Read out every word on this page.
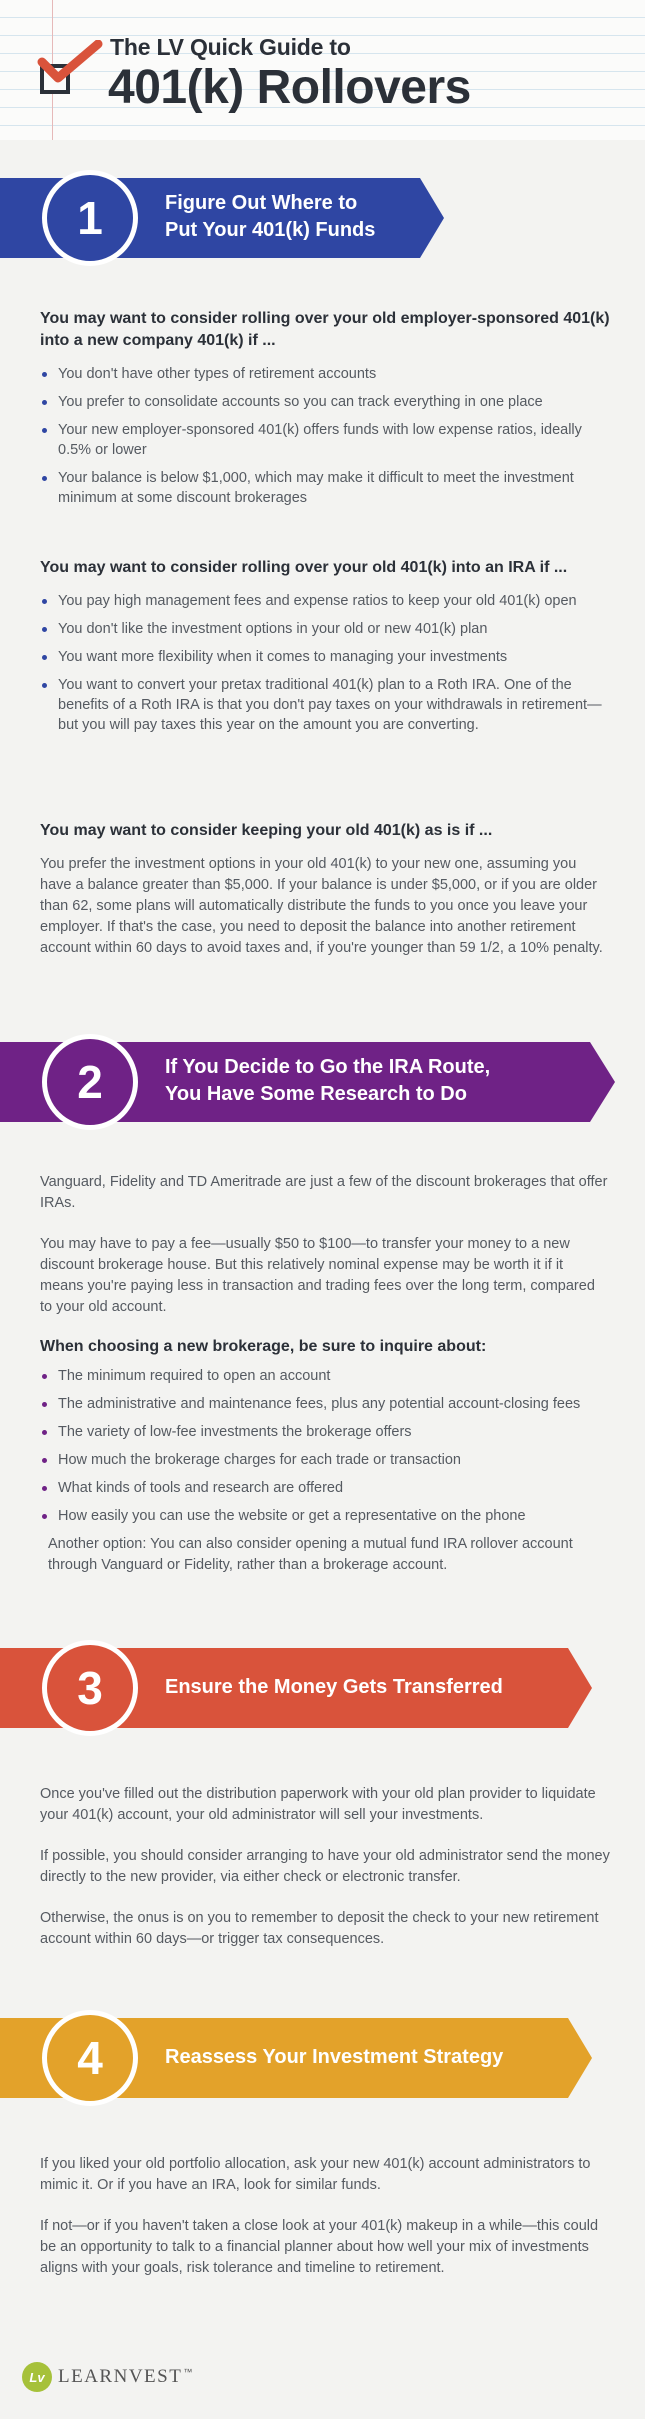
The LV Quick Guide to
401(k) Rollovers
1	Figure Out Where to
Put Your 401(k) Funds
You may want to consider rolling over your old employer-sponsored 401(k) into a new company 401(k) if ...
You don't have other types of retirement accounts
You prefer to consolidate accounts so you can track everything in one place
Your new employer-sponsored 401(k) offers funds with low expense ratios, ideally 0.5% or lower
Your balance is below $1,000, which may make it difficult to meet the investment minimum at some discount brokerages
You may want to consider rolling over your old 401(k) into an IRA if ...
You pay high management fees and expense ratios to keep your old 401(k) open
You don't like the investment options in your old or new 401(k) plan
You want more flexibility when it comes to managing your investments
You want to convert your pretax traditional 401(k) plan to a Roth IRA. One of the benefits of a Roth IRA is that you don't pay taxes on your withdrawals in retirement—but you will pay taxes this year on the amount you are converting.
You may want to consider keeping your old 401(k) as is if ...
You prefer the investment options in your old 401(k) to your new one, assuming you have a balance greater than $5,000. If your balance is under $5,000, or if you are older than 62, some plans will automatically distribute the funds to you once you leave your employer. If that's the case, you need to deposit the balance into another retirement account within 60 days to avoid taxes and, if you're younger than 59 1/2, a 10% penalty.
2	If You Decide to Go the IRA Route,
You Have Some Research to Do
Vanguard, Fidelity and TD Ameritrade are just a few of the discount brokerages that offer IRAs.
You may have to pay a fee—usually $50 to $100—to transfer your money to a new discount brokerage house. But this relatively nominal expense may be worth it if it means you're paying less in transaction and trading fees over the long term, compared to your old account.
When choosing a new brokerage, be sure to inquire about:
The minimum required to open an account
The administrative and maintenance fees, plus any potential account-closing fees
The variety of low-fee investments the brokerage offers
How much the brokerage charges for each trade or transaction
What kinds of tools and research are offered
How easily you can use the website or get a representative on the phone
Another option: You can also consider opening a mutual fund IRA rollover account through Vanguard or Fidelity, rather than a brokerage account.
3	Ensure the Money Gets Transferred
Once you've filled out the distribution paperwork with your old plan provider to liquidate your 401(k) account, your old administrator will sell your investments.
If possible, you should consider arranging to have your old administrator send the money directly to the new provider, via either check or electronic transfer.
Otherwise, the onus is on you to remember to deposit the check to your new retirement account within 60 days—or trigger tax consequences.
4	Reassess Your Investment Strategy
If you liked your old portfolio allocation, ask your new 401(k) account administrators to mimic it. Or if you have an IRA, look for similar funds.
If not—or if you haven't taken a close look at your 401(k) makeup in a while—this could be an opportunity to talk to a financial planner about how well your mix of investments aligns with your goals, risk tolerance and timeline to retirement.
Lv LEARNVEST ™
